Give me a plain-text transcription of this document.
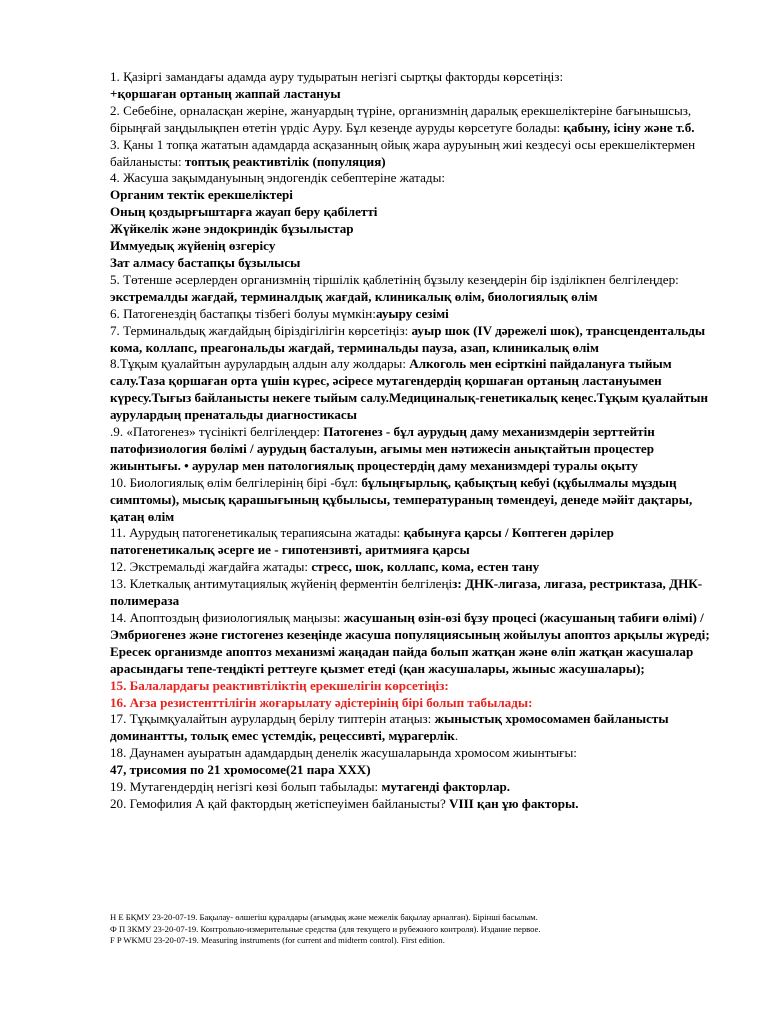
1. Қазіргі замандағы адамда ауру тудыратын негізгі сыртқы факторды көрсетіңіз:
+қоршаған ортаның жаппай ластануы

2. Себебіне, орналасқан жеріне, жануардың түріне, организмнің даралық ерекшеліктеріне бағынышсыз, бірыңғай заңдылықпен өтетін үрдіс Ауру. Бұл кезеңде ауруды көрсетуге болады: қабыну, ісіну және т.б.

3. Қаны 1 топқа жататын адамдарда асқазанның ойық жара ауруының жиі кездесуі осы ерекшеліктермен байланысты: топтық реактивтілік (популяция)

4. Жасуша зақымдануының эндогендік себептеріне жатады:
Органим тектік ерекшеліктері
Оның қоздырғыштарға жауап беру қабілетті
Жүйкелік және эндокриндік бұзылыстар
Иммуедық жүйенің өзгерісу
Зат алмасу бастапқы бұзылысы

5. Төтенше әсерлерден организмнің тіршілік қаблетінің бұзылу кезеңдерін бір ізділікпен белгілеңдер: экстремалды жағдай, терминалдық жағдай, клиникалық өлім, биологиялық өлім

6. Патогенездің бастапқы тізбегі болуы мүмкін:ауыру сезімі

7. Терминальдық жағдайдың біріздігілігін көрсетіңіз: ауыр шок (IV дәрежелі шок), трансцендентальды кома, коллапс, преагональды жағдай, терминальды пауза, азап, клиникалық өлім

8.Тұқым қуалайтын аурулардың алдын алу жолдары: Алкоголь мен есірткіні пайдалануға тыйым салу.Таза қоршаған орта үшін күрес, әсіресе мутагендердің қоршаған ортаның ластануымен күресу.Тығыз байланысты некеге тыйым салу.Медициналық-генетикалық кеңес.Тұқым қуалайтын аурулардың пренатальды диагностикасы

.9. «Патогенез» түсінікті белгілеңдер: Патогенез - бұл аурудың даму механизмдерін зерттейтін патофизиология бөлімі / аурудың басталуын, ағымы мен нәтижесін анықтайтын процестер жиынтығы. • аурулар мен патологиялық процестердің даму механизмдері туралы оқыту

10. Биологиялық өлім белгілерінің бірі -бұл: бұлыңғырлық, қабықтың кебуі (құбылмалы мұздың симптомы), мысық қарашығының құбылысы, температураның төмендеуі, денеде мәйіт дақтары, қатаң өлім

11. Аурудың патогенетикалық терапиясына жатады: қабынуға қарсы / Көптеген дәрілер патогенетикалық әсерге ие - гипотензивті, аритмияға қарсы

12. Экстремальді жағдайға жатады: стресс, шок, коллапс, кома, естен тану

13. Клеткалық антимутациялық жүйенің ферментін белгілеңіз: ДНК-лигаза, лигаза, рестриктаза, ДНК-полимераза

14. Апоптоздың физиологиялық маңызы: жасушаның өзін-өзі бұзу процесі (жасушаның табиғи өлімі) / Эмбриогенез және гистогенез кезеңінде жасуша популяциясының жойылуы апоптоз арқылы жүреді; Ересек организмде апоптоз механизмі жаңадан пайда болып жатқан және өліп жатқан жасушалар арасындағы тепе-теңдікті реттеуге қызмет етеді (қан жасушалары, жыныс жасушалары);

15. Балалардағы реактивтіліктің ерекшелігін көрсетіңіз:

16. Ағза резистенттілігін жоғарылату әдістерінің бірі болып табылады:

17. Тұқымқуалайтын аурулардың берілу типтерін атаңыз: жыныстық хромосомамен байланысты доминантты, толық емес үстемдік, рецессивті, мұрагерлік.

18. Даунамен ауыратын адамдардың денелік жасушаларында хромосом жиынтығы:
47, трисомия по 21 хромосоме(21 пара ХХХ)

19. Мутагендердің негізгі көзі болып табылады: мутагенді факторлар.

20. Гемофилия А қай фактордың жетіспеуімен байланысты? VIII қан ұю факторы.

Н Е БҚМУ 23-20-07-19. Бақылау- өлшегіш құралдары (ағымдық және межелік бақылау арналған). Бірінші басылым.

Ф П ЗКМУ 23-20-07-19. Контрольно-измерительные средства (для текущего и рубежного контроля). Издание первое.

F P WKMU 23-20-07-19. Measuring instruments (for current and midterm control). First edition.
